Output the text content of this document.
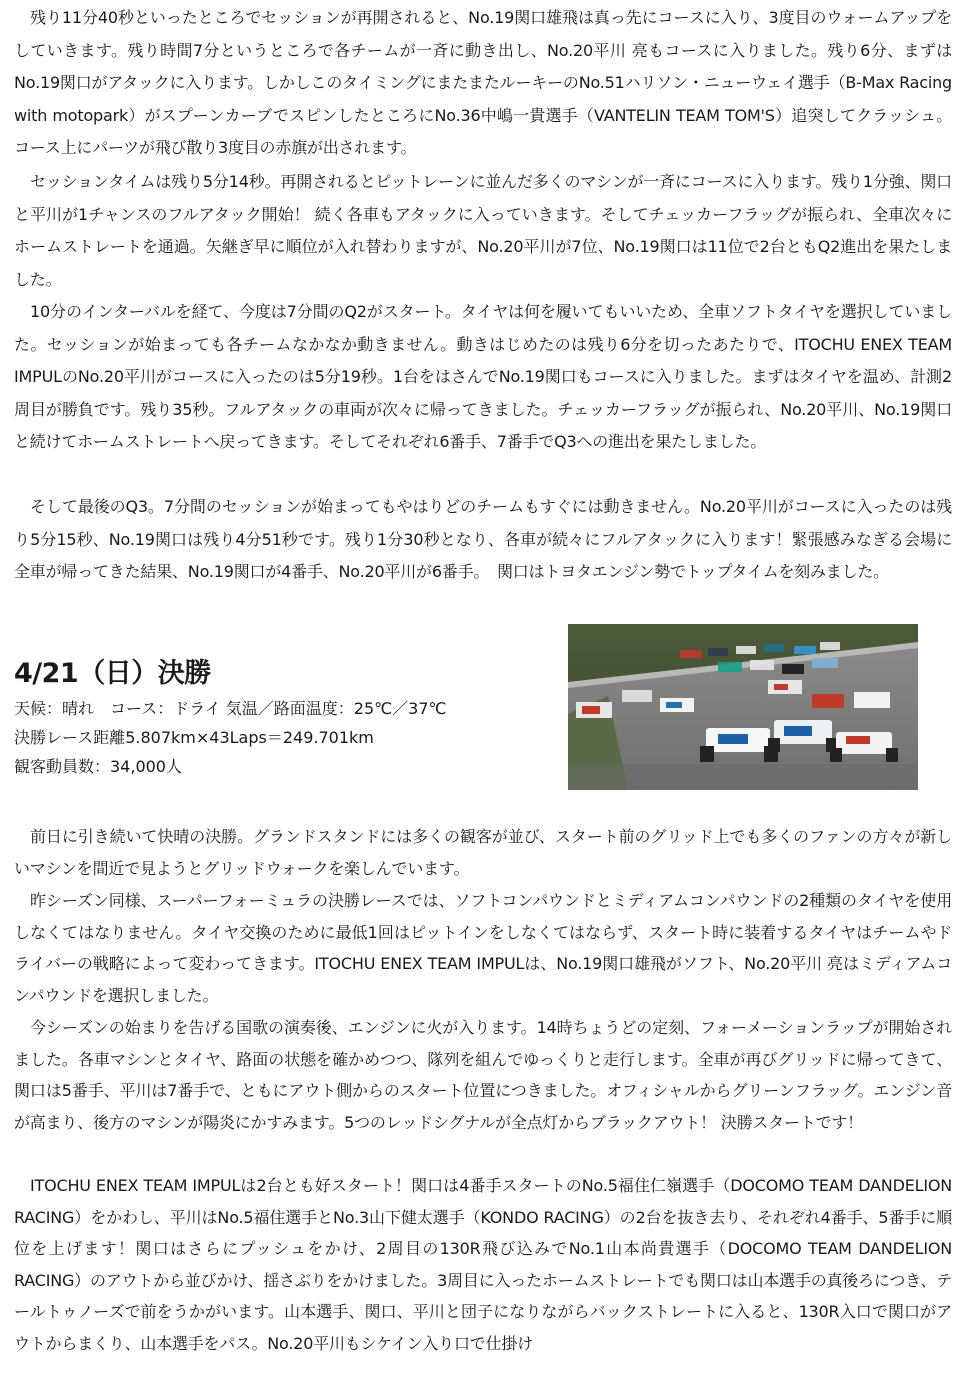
残り11分40秒といったところでセッションが再開されると、No.19関口雄飛は真っ先にコースに入り、3度目のウォームアップをしていきます。残り時間7分というところで各チームが一斉に動き出し、No.20平川 亮もコースに入りました。残り6分、まずはNo.19関口がアタックに入ります。しかしこのタイミングにまたまたルーキーのNo.51ハリソン・ニューウェイ選手（B-Max Racing with motopark）がスプーンカーブでスピンしたところにNo.36中嶋一貴選手（VANTELIN TEAM TOM'S）追突してクラッシュ。コース上にパーツが飛び散り3度目の赤旗が出されます。

セッションタイムは残り5分14秒。再開されるとピットレーンに並んだ多くのマシンが一斉にコースに入ります。残り1分強、関口と平川が1チャンスのフルアタック開始！ 続く各車もアタックに入っていきます。そしてチェッカーフラッグが振られ、全車次々にホームストレートを通過。矢継ぎ早に順位が入れ替わりますが、No.20平川が7位、No.19関口は11位で2台ともQ2進出を果たしました。

10分のインターバルを経て、今度は7分間のQ2がスタート。タイヤは何を履いてもいいため、全車ソフトタイヤを選択していました。セッションが始まっても各チームなかなか動きません。動きはじめたのは残り6分を切ったあたりで、ITOCHU ENEX TEAM IMPULのNo.20平川がコースに入ったのは5分19秒。1台をはさんでNo.19関口もコースに入りました。まずはタイヤを温め、計測2周目が勝負です。残り35秒。フルアタックの車両が次々に帰ってきました。チェッカーフラッグが振られ、No.20平川、No.19関口と続けてホームストレートへ戻ってきます。そしてそれぞれ6番手、7番手でQ3への進出を果たしました。

そして最後のQ3。7分間のセッションが始まってもやはりどのチームもすぐには動きません。No.20平川がコースに入ったのは残り5分15秒、No.19関口は残り4分51秒です。残り1分30秒となり、各車が続々にフルアタックに入ります！緊張感みなぎる会場に全車が帰ってきた結果、No.19関口が4番手、No.20平川が6番手。　関口はトヨタエンジン勢でトップタイムを刻みました。

4/21（日）決勝

天候：晴れ　コース：ドライ 気温／路面温度：25℃／37℃

決勝レース距離5.807km×43Laps＝249.701km

観客動員数：34,000人

前日に引き続いて快晴の決勝。グランドスタンドには多くの観客が並び、スタート前のグリッド上でも多くのファンの方々が新しいマシンを間近で見ようとグリッドウォークを楽しんでいます。

昨シーズン同様、スーパーフォーミュラの決勝レースでは、ソフトコンパウンドとミディアムコンパウンドの2種類のタイヤを使用しなくてはなりません。タイヤ交換のために最低1回はピットインをしなくてはならず、スタート時に装着するタイヤはチームやドライバーの戦略によって変わってきます。ITOCHU ENEX TEAM IMPULは、No.19関口雄飛がソフト、No.20平川 亮はミディアムコンパウンドを選択しました。

今シーズンの始まりを告げる国歌の演奏後、エンジンに火が入ります。14時ちょうどの定刻、フォーメーションラップが開始されました。各車マシンとタイヤ、路面の状態を確かめつつ、隊列を組んでゆっくりと走行します。全車が再びグリッドに帰ってきて、関口は5番手、平川は7番手で、ともにアウト側からのスタート位置につきました。オフィシャルからグリーンフラッグ。エンジン音が高まり、後方のマシンが陽炎にかすみます。5つのレッドシグナルが全点灯からブラックアウト！ 決勝スタートです！

ITOCHU ENEX TEAM IMPULは2台とも好スタート！関口は4番手スタートのNo.5福住仁嶺選手（DOCOMO TEAM DANDELION RACING）をかわし、平川はNo.5福住選手とNo.3山下健太選手（KONDO RACING）の2台を抜き去り、それぞれ4番手、5番手に順位を上げます！関口はさらにプッシュをかけ、2周目の130R飛び込みでNo.1山本尚貴選手（DOCOMO TEAM DANDELION RACING）のアウトから並びかけ、揺さぶりをかけました。3周目に入ったホームストレートでも関口は山本選手の真後ろにつき、テールトゥノーズで前をうかがいます。山本選手、関口、平川と団子になりながらバックストレートに入ると、130R入口で関口がアウトからまくり、山本選手をパス。No.20平川もシケイン入り口で仕掛け
